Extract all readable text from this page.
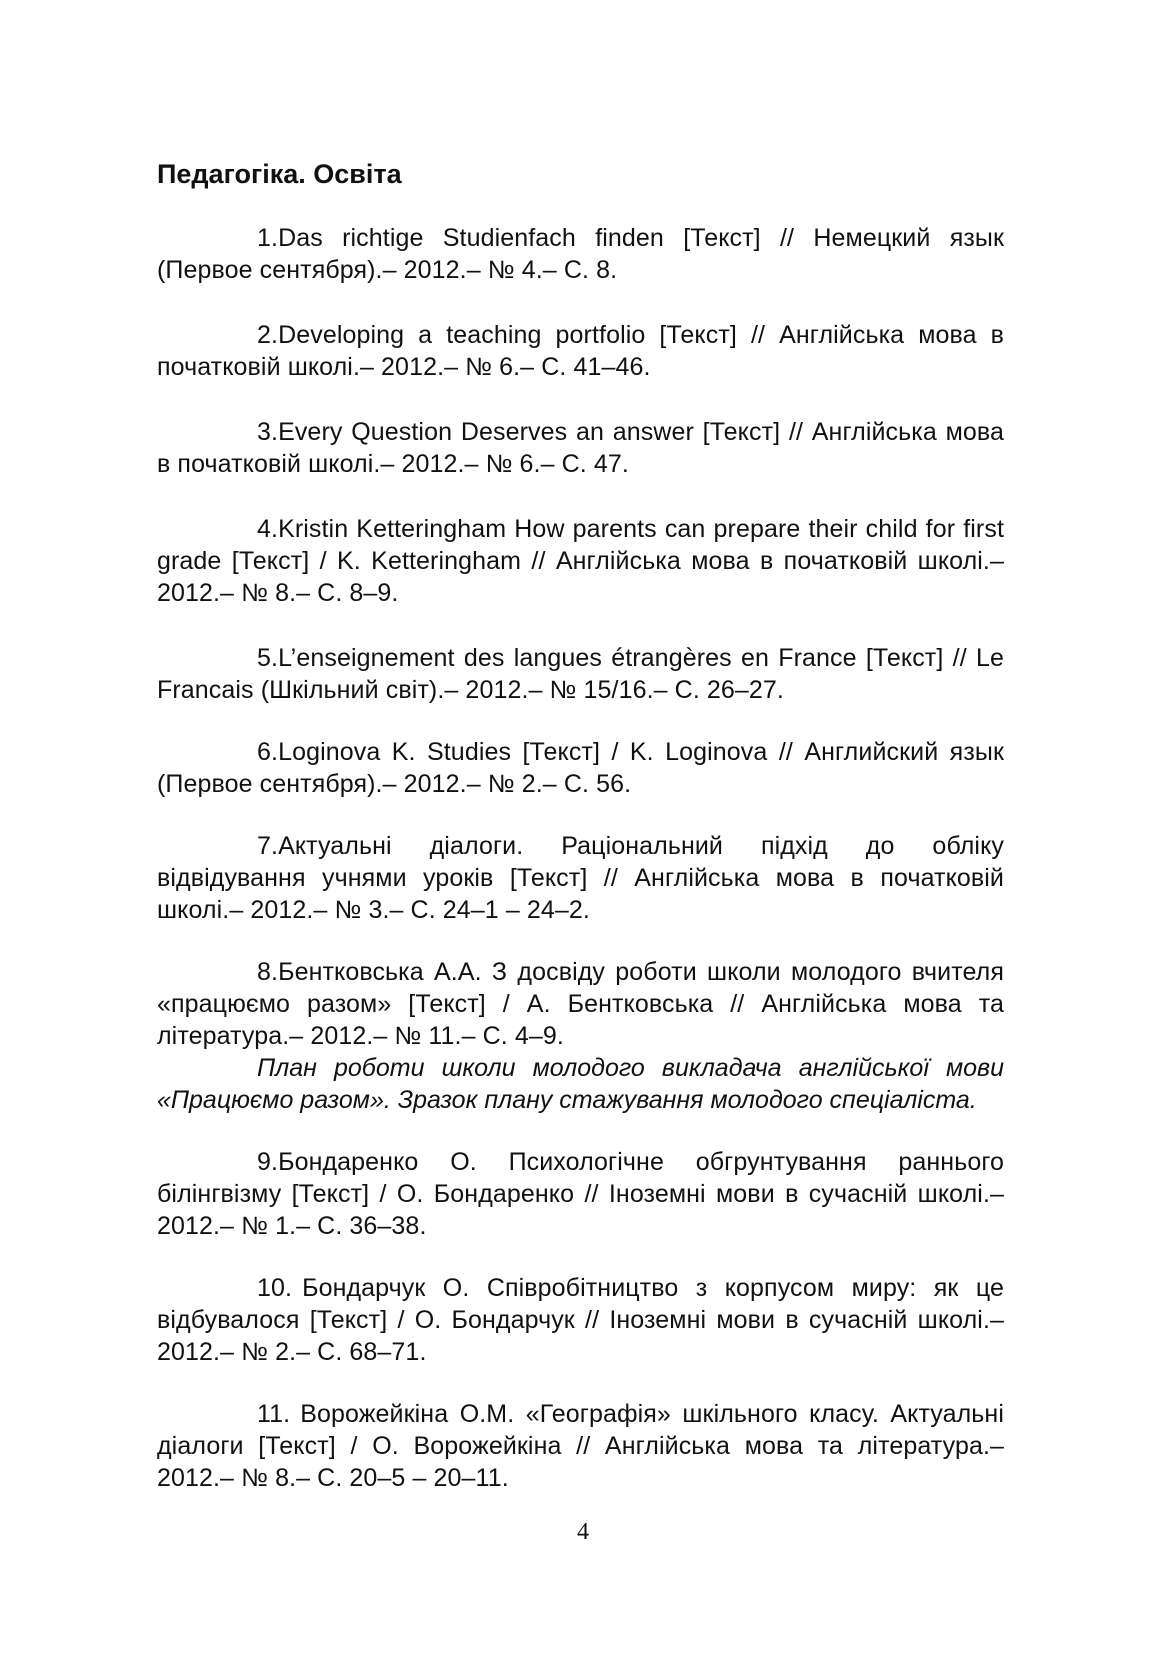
Педагогіка. Освіта

1.Das richtige Studienfach finden [Текст] // Немецкий язык (Первое сентября).– 2012.– № 4.– С. 8.

2.Developing a teaching portfolio [Текст] // Англійська мова в початковій школі.– 2012.– № 6.– С. 41–46.

3.Every Question Deserves an answer [Текст] // Англійська мова в початковій школі.– 2012.– № 6.– С. 47.

4.Kristin Ketteringham How parents can prepare their child for first grade [Текст] / K. Ketteringham // Англійська мова в початковій школі.– 2012.– № 8.– С. 8–9.

5.L’enseignement des langues étrangères en France [Текст] // Le Francais (Шкільний світ).– 2012.– № 15/16.– С. 26–27.

6.Loginova K. Studies [Текст] / K. Loginova // Английский язык (Первое сентября).– 2012.– № 2.– С. 56.

7.Актуальні діалоги. Раціональний підхід до обліку відвідування учнями уроків [Текст] // Англійська мова в початковій школі.– 2012.– № 3.– С. 24–1 – 24–2.

8.Бентковська А.А. З досвіду роботи школи молодого вчителя «працюємо разом» [Текст] / А. Бентковська // Англійська мова та література.– 2012.– № 11.– С. 4–9.

План роботи школи молодого викладача англійської мови «Працюємо разом». Зразок плану стажування молодого спеціаліста.

9.Бондаренко О. Психологічне обгрунтування раннього білінгвізму [Текст] / О. Бондаренко // Іноземні мови в сучасній школі.– 2012.– № 1.– С. 36–38.

10. Бондарчук О. Співробітництво з корпусом миру: як це відбувалося [Текст] / О. Бондарчук // Іноземні мови в сучасній школі.– 2012.– № 2.– С. 68–71.

11. Ворожейкіна О.М. «Географія» шкільного класу. Актуальні діалоги [Текст] / О. Ворожейкіна // Англійська мова та література.– 2012.– № 8.– С. 20–5 – 20–11.

4
